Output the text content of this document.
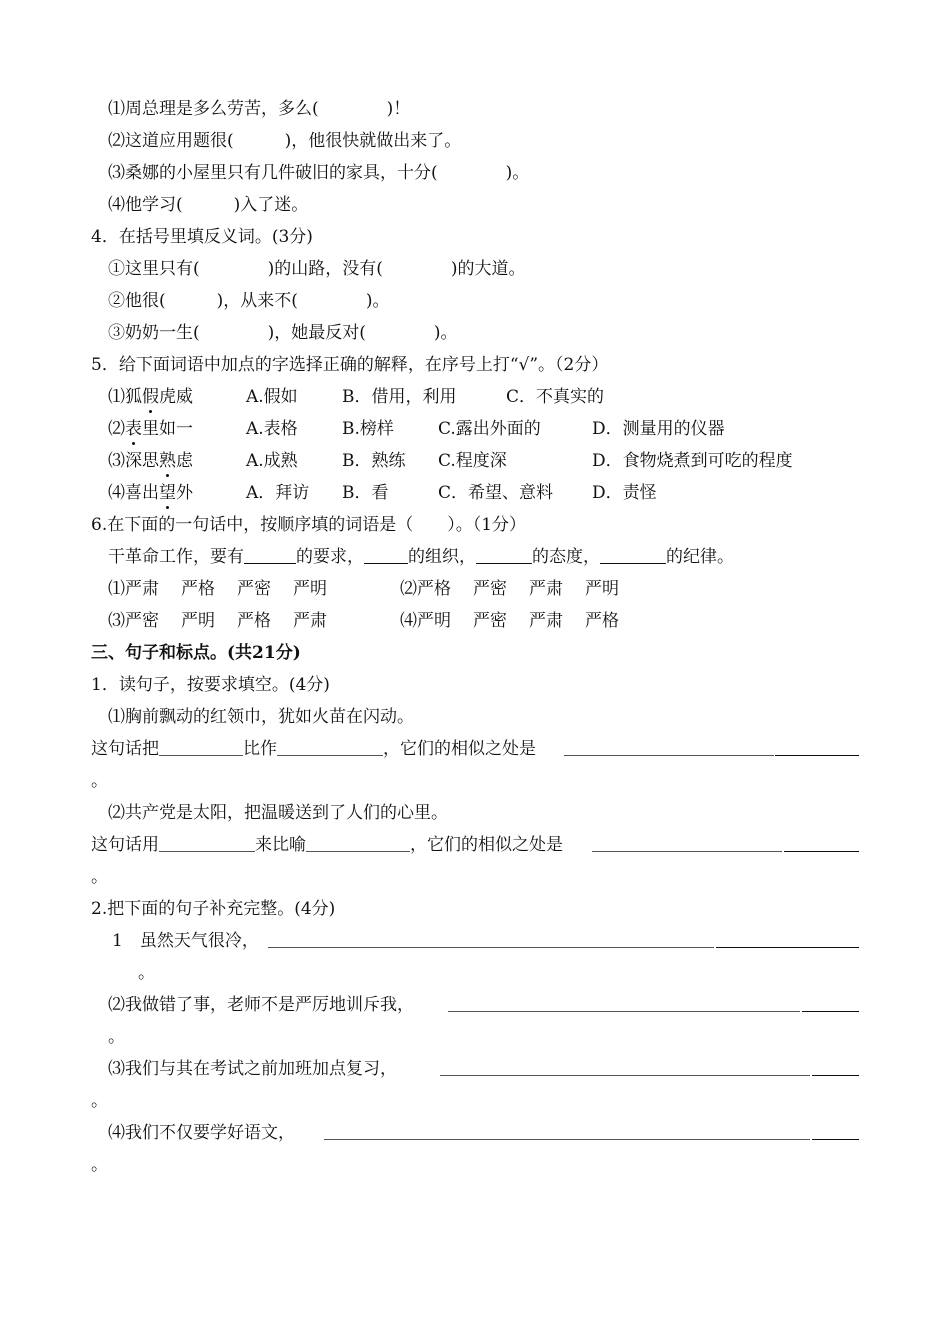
⑴周总理是多么劳苦，多么(　　　　)！
⑵这道应用题很(　　　)，他很快就做出来了。
⑶桑娜的小屋里只有几件破旧的家具，十分(　　　　)。
⑷他学习(　　　)入了迷。
4．在括号里填反义词。(3分)
①这里只有(　　　　)的山路，没有(　　　　)的大道。
②他很(　　　)，从来不(　　　　)。
③奶奶一生(　　　　)，她最反对(　　　　)。
5．给下面词语中加点的字选择正确的解释，在序号上打“√”。（2分）
⑴狐假虎威	A.假如	B．借用，利用	C．不真实的
⑵表里如一	A.表格	B.榜样	C.露出外面的	D．测量用的仪器
⑶深思熟虑	A.成熟	B．熟练 C.程度深	D．食物烧煮到可吃的程度
⑷喜出望外	A．拜访 B．看	C．希望、意料 D．责怪
6.在下面的一句话中，按顺序填的词语是（　　）。（1分）
干革命工作，要有	的要求，	的组织，	的态度，	的纪律。
⑴严肃 严格 严密 严明	⑵严格 严密 严肃 严明
⑶严密 严明 严格 严肃	⑷严明 严密 严肃 严格
三、句子和标点。(共21分)
1．读句子，按要求填空。(4分)
⑴胸前飘动的红领巾，犹如火苗在闪动。
这句话把	比作	，它们的相似之处是
。
⑵共产党是太阳，把温暖送到了人们的心里。
这句话用	来比喻	，它们的相似之处是
。
2.把下面的句子补充完整。(4分)
1　虽然天气很冷，
。
⑵我做错了事，老师不是严厉地训斥我，
。
⑶我们与其在考试之前加班加点复习，
。
⑷我们不仅要学好语文，
。
